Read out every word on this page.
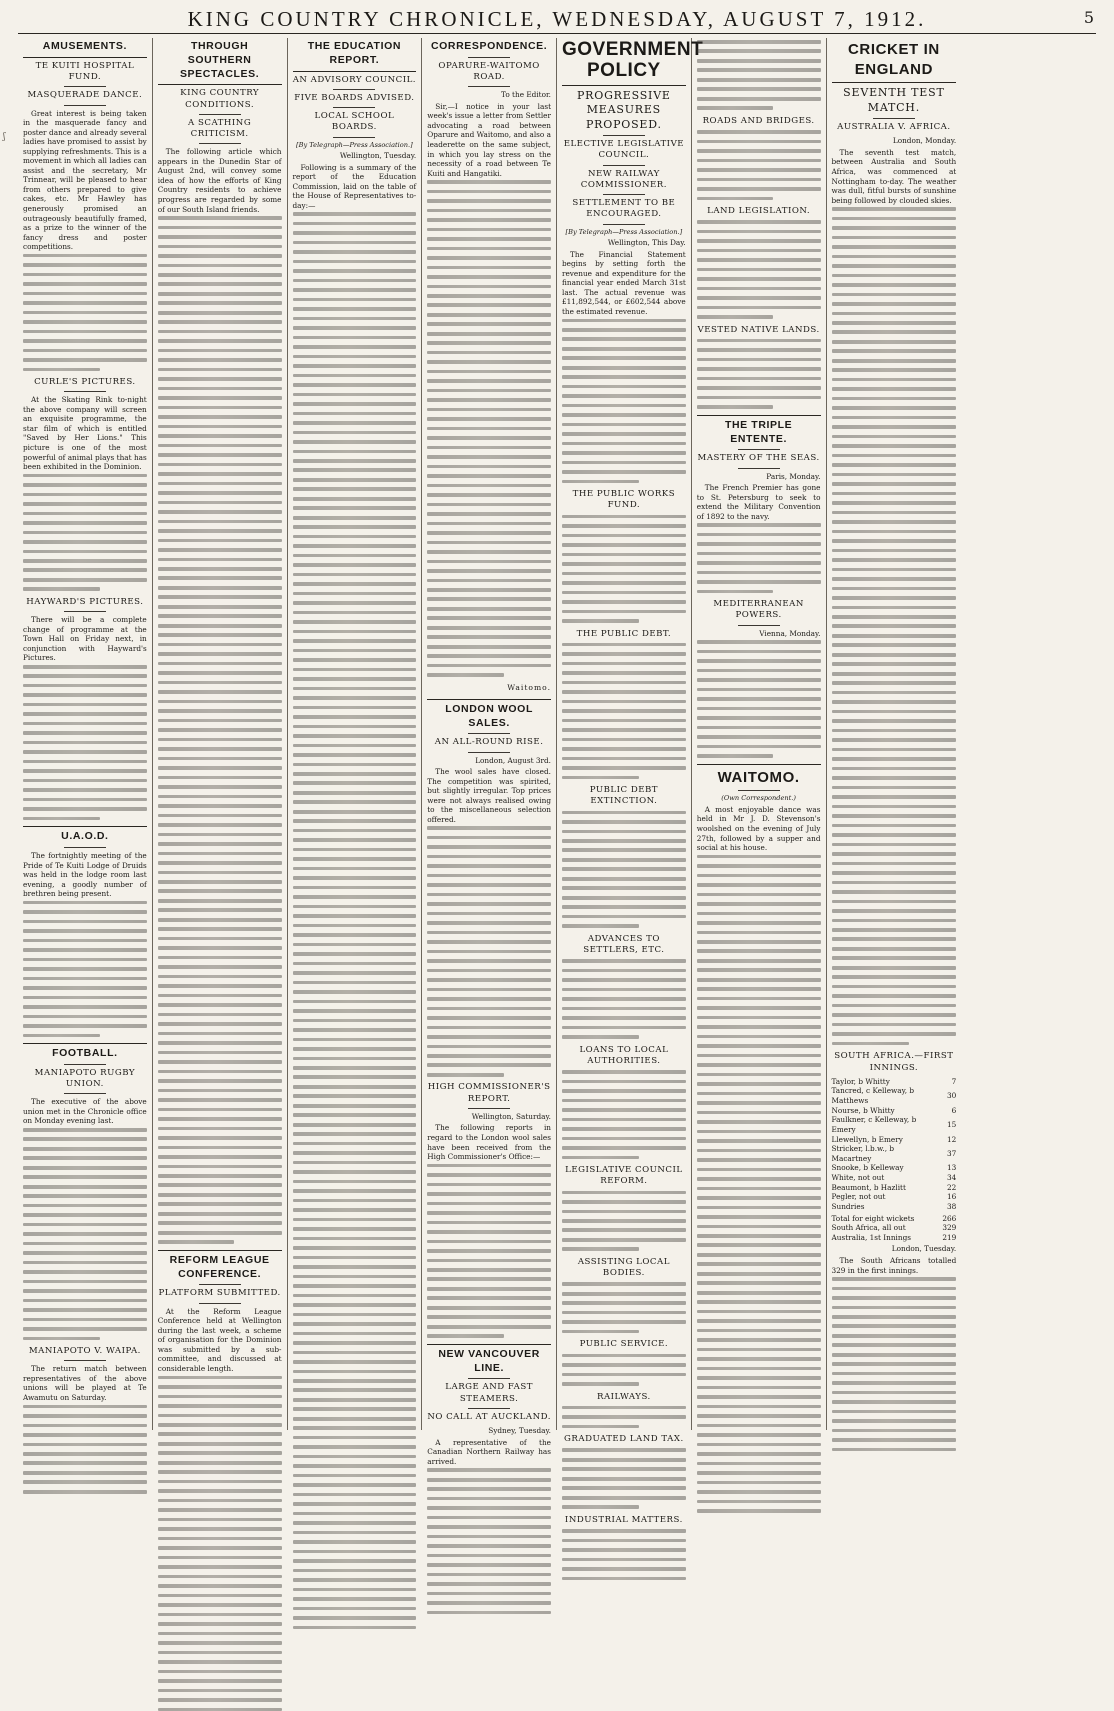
KING COUNTRY CHRONICLE, WEDNESDAY, AUGUST 7, 1912.	5
ʃ
AMUSEMENTS.
TE KUITI HOSPITAL FUND.
MASQUERADE DANCE.

Great interest is being taken in the masquerade fancy and poster dance and already several ladies have promised to assist by supplying refreshments. This is a movement in which all ladies can assist and the secretary, Mr Trinnear, will be pleased to hear from others prepared to give cakes, etc. Mr Hawley has generously promised an outrageously beautifully framed, as a prize to the winner of the fancy dress and poster competitions.

CURLE'S PICTURES.

At the Skating Rink to-night the above company will screen an exquisite programme, the star film of which is entitled "Saved by Her Lions." This picture is one of the most powerful of animal plays that has been exhibited in the Dominion.

HAYWARD'S PICTURES.

There will be a complete change of programme at the Town Hall on Friday next, in conjunction with Hayward's Pictures.

U.A.O.D.

The fortnightly meeting of the Pride of Te Kuiti Lodge of Druids was held in the lodge room last evening, a goodly number of brethren being present.

FOOTBALL.
MANIAPOTO RUGBY UNION.

The executive of the above union met in the Chronicle office on Monday evening last.

MANIAPOTO V. WAIPA.

The return match between representatives of the above unions will be played at Te Awamutu on Saturday.

THROUGH SOUTHERN SPECTACLES.
KING COUNTRY CONDITIONS.
A SCATHING CRITICISM.

The following article which appears in the Dunedin Star of August 2nd, will convey some idea of how the efforts of King Country residents to achieve progress are regarded by some of our South Island friends.

REFORM LEAGUE CONFERENCE.
PLATFORM SUBMITTED.

At the Reform League Conference held at Wellington during the last week, a scheme of organisation for the Dominion was submitted by a sub-committee, and discussed at considerable length.

THE EDUCATION REPORT.
AN ADVISORY COUNCIL.
FIVE BOARDS ADVISED.
LOCAL SCHOOL BOARDS.
[By Telegraph—Press Association.]
Wellington, Tuesday.

Following is a summary of the report of the Education Commission, laid on the table of the House of Representatives to-day:—

CORRESPONDENCE.
OPARURE-WAITOMO ROAD.
To the Editor.

Sir,—I notice in your last week's issue a letter from Settler advocating a road between Oparure and Waitomo, and also a leaderette on the same subject, in which you lay stress on the necessity of a road between Te Kuiti and Hangatiki.

Waitomo.
LONDON WOOL SALES.
AN ALL-ROUND RISE.
London, August 3rd.

The wool sales have closed. The competition was spirited, but slightly irregular. Top prices were not always realised owing to the miscellaneous selection offered.

HIGH COMMISSIONER'S REPORT.
Wellington, Saturday.

The following reports in regard to the London wool sales have been received from the High Commissioner's Office:—

NEW VANCOUVER LINE.
LARGE AND FAST STEAMERS.
NO CALL AT AUCKLAND.
Sydney, Tuesday.

A representative of the Canadian Northern Railway has arrived.

GOVERNMENT POLICY
PROGRESSIVE MEASURES PROPOSED.
ELECTIVE LEGISLATIVE COUNCIL.
NEW RAILWAY COMMISSIONER.
SETTLEMENT TO BE ENCOURAGED.
[By Telegraph—Press Association.]
Wellington, This Day.

The Financial Statement begins by setting forth the revenue and expenditure for the financial year ended March 31st last. The actual revenue was £11,892,544, or £602,544 above the estimated revenue.

THE PUBLIC WORKS FUND.
THE PUBLIC DEBT.
PUBLIC DEBT EXTINCTION.
ADVANCES TO SETTLERS, ETC.
LOANS TO LOCAL AUTHORITIES.
LEGISLATIVE COUNCIL REFORM.
ASSISTING LOCAL BODIES.
PUBLIC SERVICE.
RAILWAYS.
GRADUATED LAND TAX.
INDUSTRIAL MATTERS.
ROADS AND BRIDGES.
LAND LEGISLATION.
VESTED NATIVE LANDS.
THE TRIPLE ENTENTE.
MASTERY OF THE SEAS.
Paris, Monday.

The French Premier has gone to St. Petersburg to seek to extend the Military Convention of 1892 to the navy.

MEDITERRANEAN POWERS.
Vienna, Monday.
WAITOMO.
(Own Correspondent.)

A most enjoyable dance was held in Mr J. D. Stevenson's woolshed on the evening of July 27th, followed by a supper and social at his house.

CRICKET IN ENGLAND
SEVENTH TEST MATCH.
AUSTRALIA V. AFRICA.
London, Monday.

The seventh test match, between Australia and South Africa, was commenced at Nottingham to-day. The weather was dull, fitful bursts of sunshine being followed by clouded skies.

SOUTH AFRICA.—FIRST INNINGS.
Taylor, b Whitty	7
Tancred, c Kelleway, b Matthews	30
Nourse, b Whitty	6
Faulkner, c Kelleway, b Emery	15
Llewellyn, b Emery	12
Stricker, l.b.w., b Macartney	37
Snooke, b Kelleway	13
White, not out	34
Beaumont, b Hazlitt	22
Pegler, not out	16
Sundries	38
Total for eight wickets	266
South Africa, all out	329
Australia, 1st Innings	219
London, Tuesday.

The South Africans totalled 329 in the first innings.
